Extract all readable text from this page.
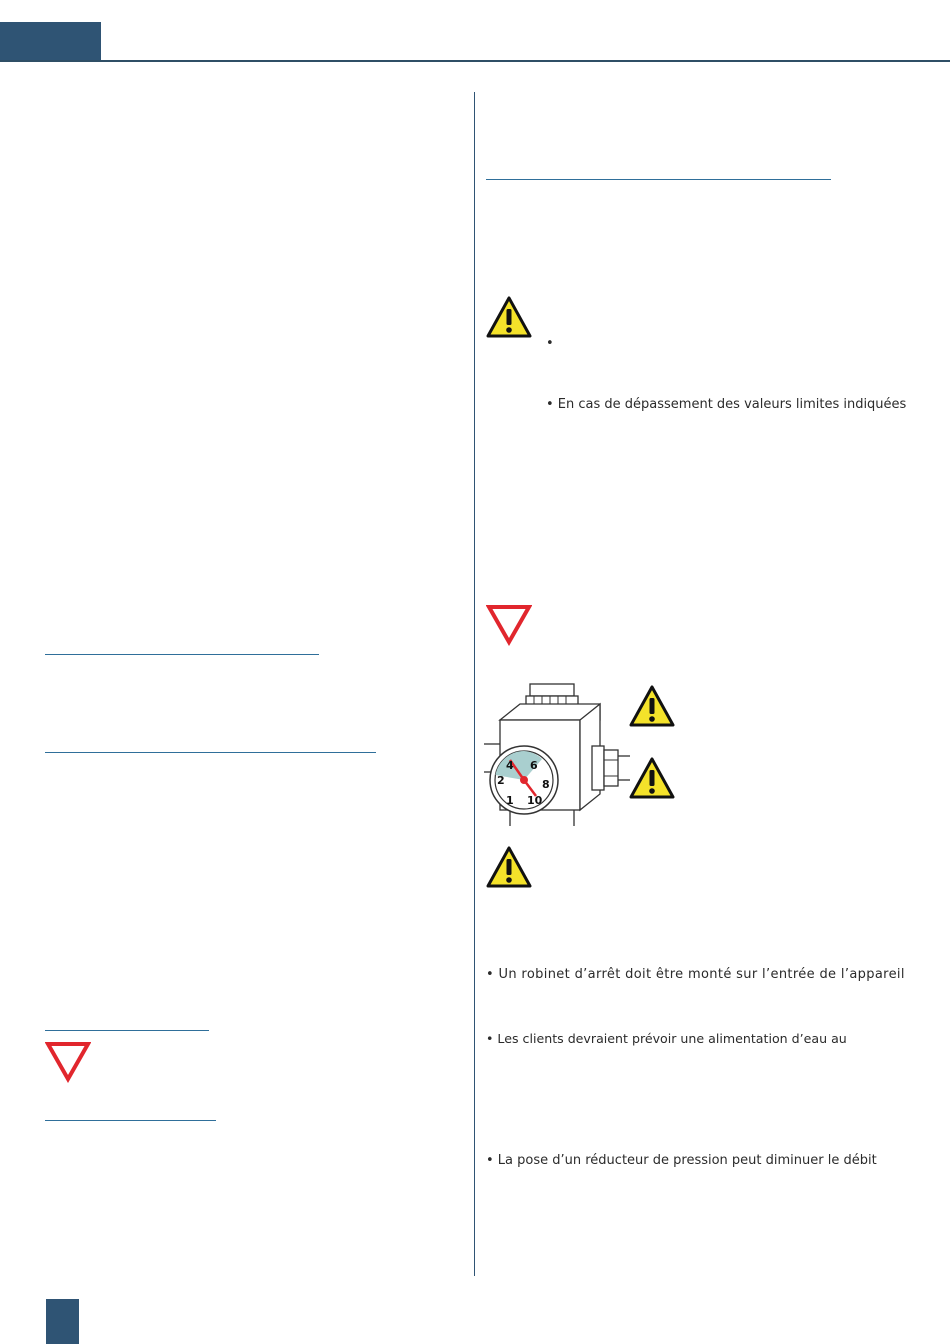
•
• En cas de dépassement des valeurs limites indiquées
4 6
2	8
1 10
• Un robinet d’arrêt doit être monté sur l’entrée de l’appareil
• Les clients devraient prévoir une alimentation d’eau au
• La pose d’un réducteur de pression peut diminuer le débit
